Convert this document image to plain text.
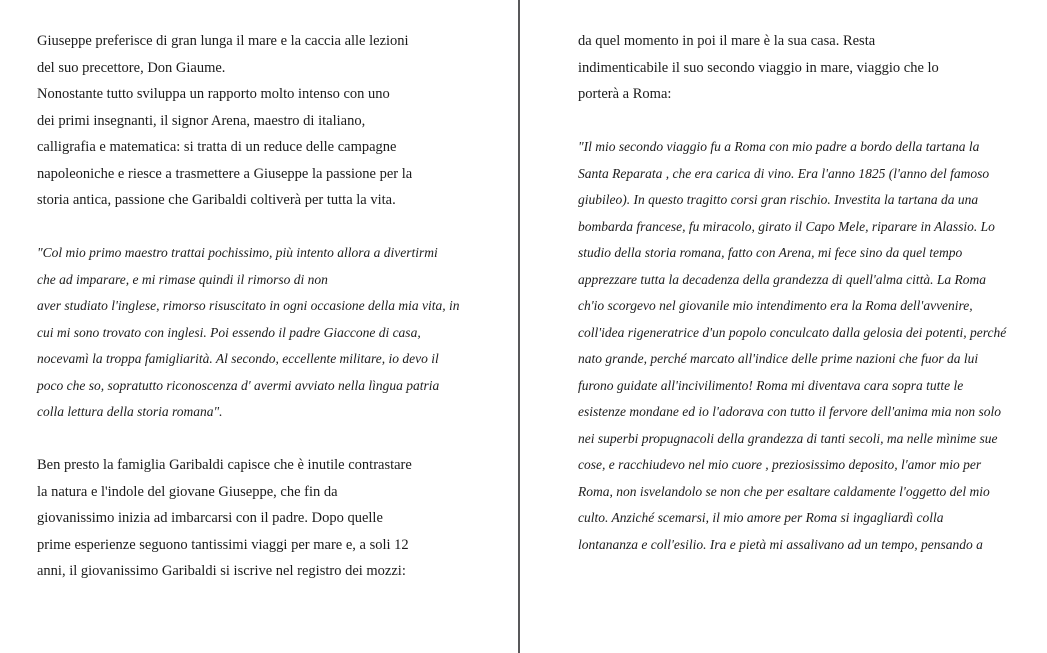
Giuseppe preferisce di gran lunga il mare e la caccia alle lezioni
del suo precettore, Don Giaume.
Nonostante tutto sviluppa un rapporto molto intenso con uno
dei primi insegnanti, il signor Arena, maestro di italiano,
calligrafia e matematica: si tratta di un reduce delle campagne
napoleoniche e riesce a trasmettere a Giuseppe la passione per la
storia antica, passione che Garibaldi coltiverà per tutta la vita.
"Col mio primo maestro trattai pochissimo, più intento allora a divertirmi
che ad imparare, e mi rimase quindi il rimorso di non
aver studiato l'inglese, rimorso risuscitato in ogni occasione della mia vita, in
cui mi sono trovato con inglesi. Poi essendo il padre Giaccone di casa,
nocevamì la troppa famigliarità. Al secondo, eccellente militare, io devo il
poco che so, sopratutto riconoscenza d' avermi avviato nella lìngua patria
colla lettura della storia romana".
Ben presto la famiglia Garibaldi capisce che è inutile contrastare
la natura e l'indole del giovane Giuseppe, che fin da
giovanissimo inizia ad imbarcarsi con il padre. Dopo quelle
prime esperienze seguono tantissimi viaggi per mare e, a soli 12
anni, il giovanissimo Garibaldi si iscrive nel registro dei mozzi:
da quel momento in poi il mare è la sua casa. Resta
indimenticabile il suo secondo viaggio in mare, viaggio che lo
porterà a Roma:
"Il mio secondo viaggio fu a Roma con mio padre a bordo della tartana la
Santa Reparata , che era carica di vino. Era l'anno 1825 (l'anno del famoso
giubileo). In questo tragitto corsi gran rischio. Investita la tartana da una
bombarda francese, fu miracolo, girato il Capo Mele, riparare in Alassio. Lo
studio della storia romana, fatto con Arena, mi fece sino da quel tempo
apprezzare tutta la decadenza della grandezza di quell'alma città. La Roma
ch'io scorgevo nel giovanile mio intendimento era la Roma dell'avvenire,
coll'idea rigeneratrice d'un popolo conculcato dalla gelosia dei potenti, perché
nato grande, perché marcato all'indice delle prime nazioni che fuor da lui
furono guidate all'incivilimento! Roma mi diventava cara sopra tutte le
esistenze mondane ed io l'adorava con tutto il fervore dell'anima mia non solo
nei superbi propugnacoli della grandezza di tanti secoli, ma nelle mìnime sue
cose, e racchiudevo nel mio cuore , preziosissimo deposito, l'amor mio per
Roma, non isvelandolo se non che per esaltare caldamente l'oggetto del mio
culto. Anziché scemarsi, il mio amore per Roma si ingagliardì colla
lontananza e coll'esilio. Ira e pietà mi assalivano ad un tempo, pensando a
